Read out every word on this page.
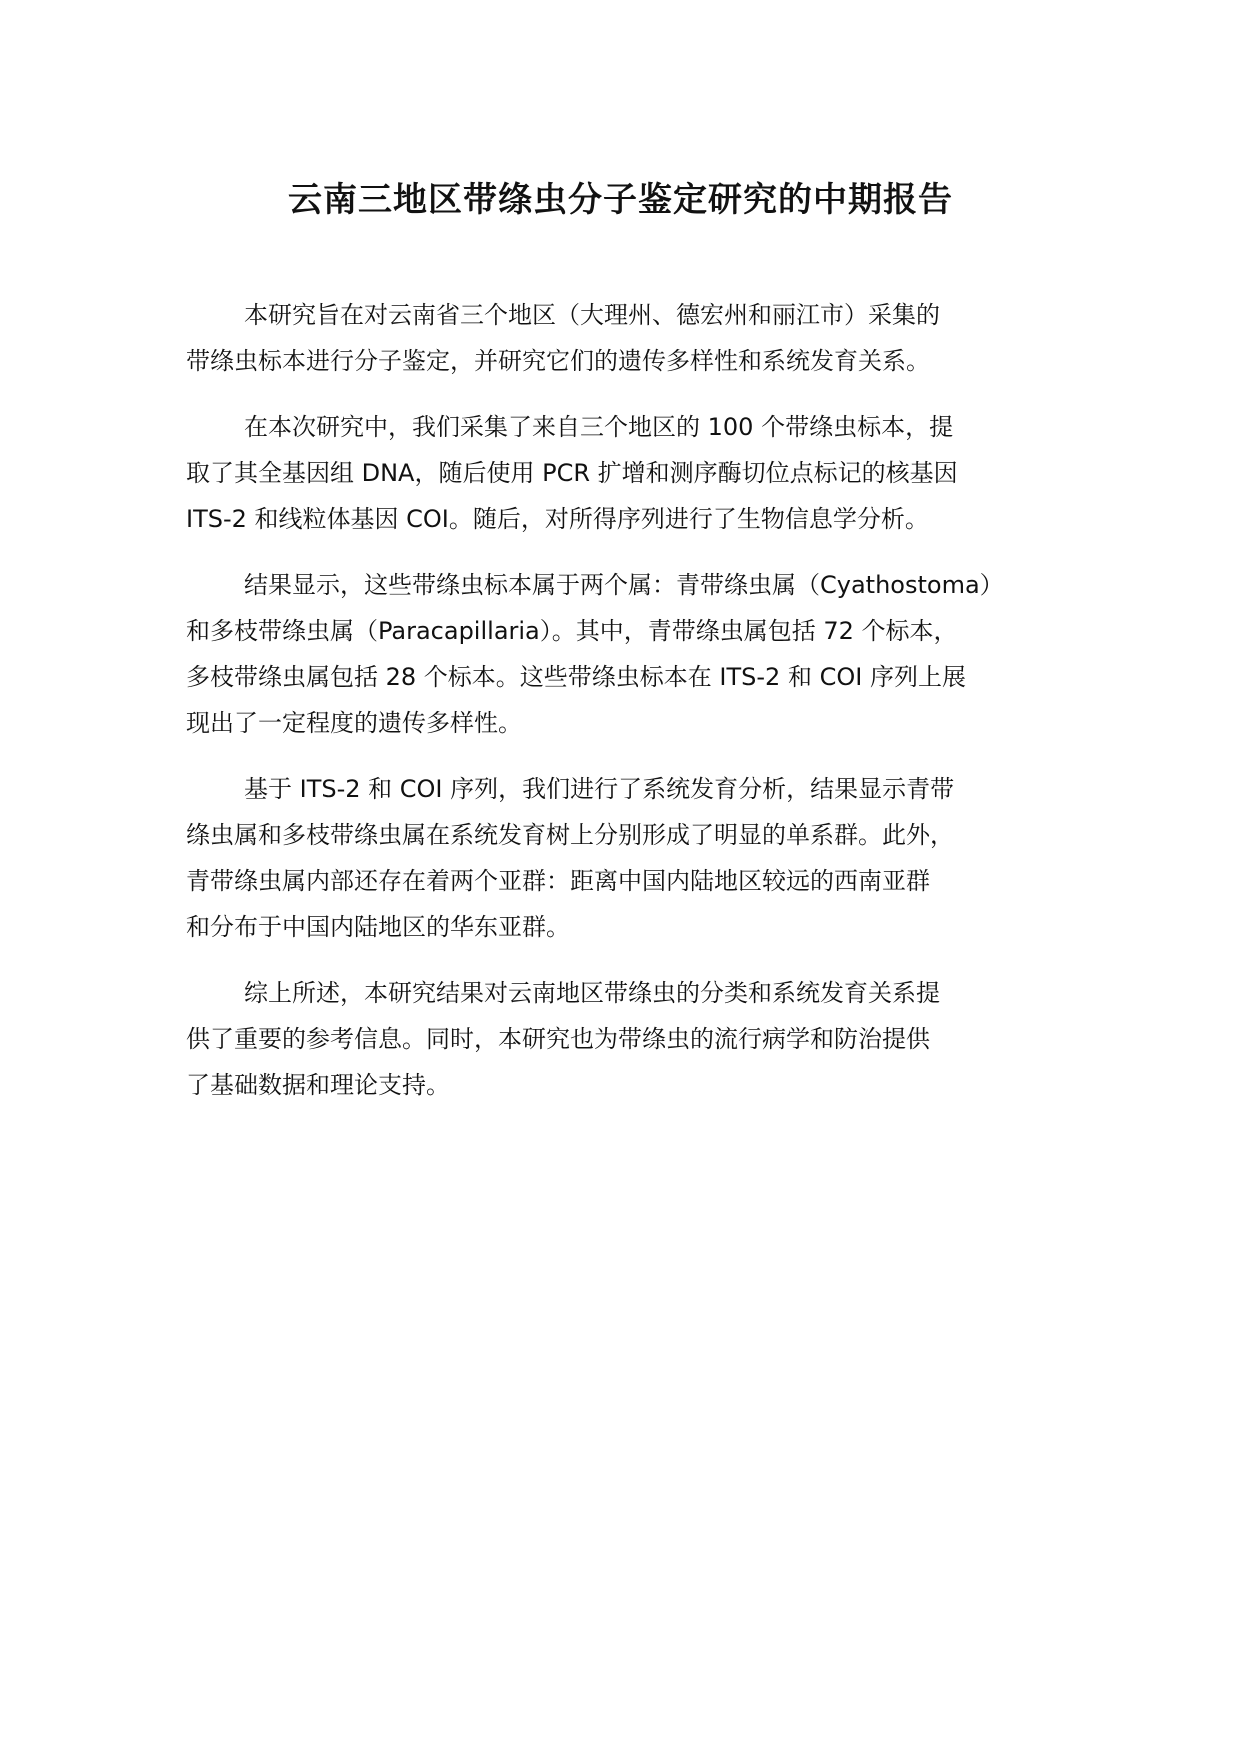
云南三地区带绦虫分子鉴定研究的中期报告

本研究旨在对云南省三个地区（大理州、德宏州和丽江市）采集的
带绦虫标本进行分子鉴定，并研究它们的遗传多样性和系统发育关系。

在本次研究中，我们采集了来自三个地区的 100 个带绦虫标本，提
取了其全基因组 DNA，随后使用 PCR 扩增和测序酶切位点标记的核基因
ITS-2 和线粒体基因 COI。随后，对所得序列进行了生物信息学分析。

结果显示，这些带绦虫标本属于两个属：青带绦虫属（Cyathostoma）
和多枝带绦虫属（Paracapillaria）。其中，青带绦虫属包括 72 个标本，
多枝带绦虫属包括 28 个标本。这些带绦虫标本在 ITS-2 和 COI 序列上展
现出了一定程度的遗传多样性。

基于 ITS-2 和 COI 序列，我们进行了系统发育分析，结果显示青带
绦虫属和多枝带绦虫属在系统发育树上分别形成了明显的单系群。此外，
青带绦虫属内部还存在着两个亚群：距离中国内陆地区较远的西南亚群
和分布于中国内陆地区的华东亚群。

综上所述，本研究结果对云南地区带绦虫的分类和系统发育关系提
供了重要的参考信息。同时，本研究也为带绦虫的流行病学和防治提供
了基础数据和理论支持。
